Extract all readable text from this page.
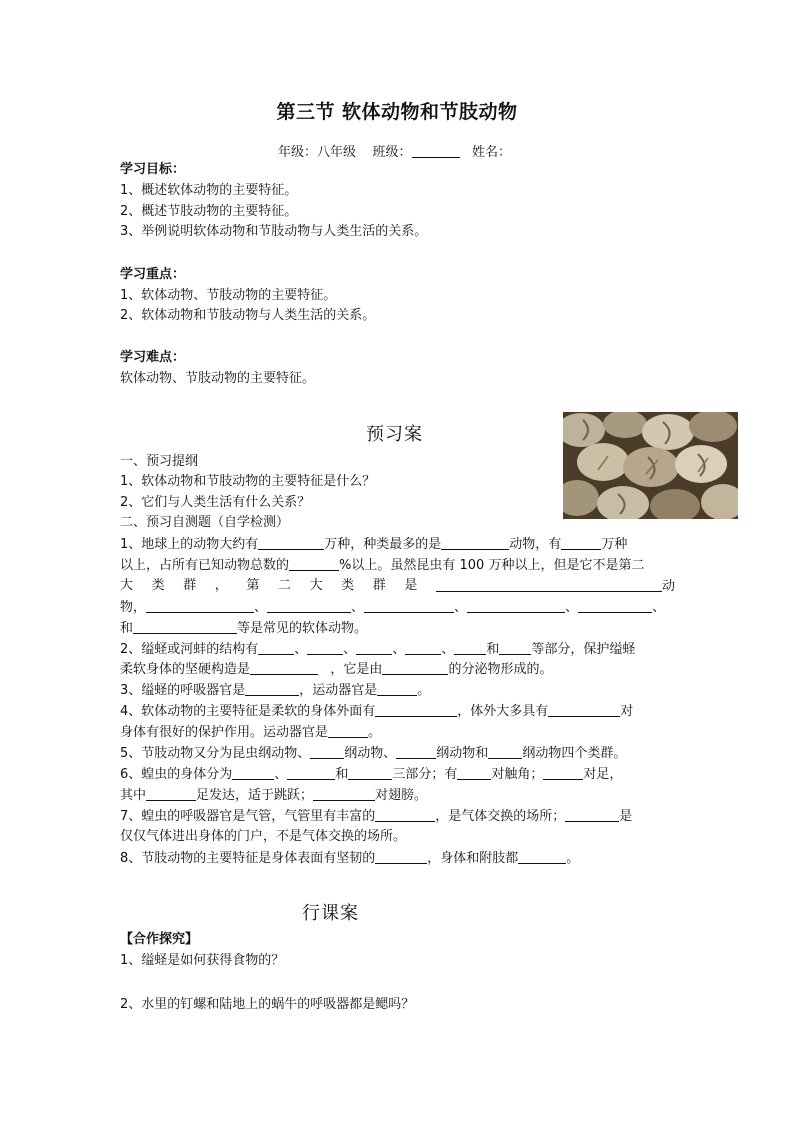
第三节 软体动物和节肢动物
年级：八年级 班级：	姓名：
学习目标：
1、概述软体动物的主要特征。
2、概述节肢动物的主要特征。
3、举例说明软体动物和节肢动物与人类生活的关系。
学习重点：
1、软体动物、节肢动物的主要特征。
2、软体动物和节肢动物与人类生活的关系。
学习难点：
软体动物、节肢动物的主要特征。
预习案
一、预习提纲
1、软体动物和节肢动物的主要特征是什么？
2、它们与人类生活有什么关系？
二、预习自测题（自学检测）
1、地球上的动物大约有	万种，种类最多的是	动物，有	万种
以上，占所有已知动物总数的	%以上。虽然昆虫有 100 万种以上，但是它不是第二
大 类 群 ， 第 二 大 类 群 是	动
物，	、	、	、	、	、
和	等是常见的软体动物。
2、缢蛏或河蚌的结构有	、	、	、	、 和 等部分，保护缢蛏
柔软身体的坚硬构造是	，它是由	的分泌物形成的。
3、缢蛏的呼吸器官是	，运动器官是	。
4、软体动物的主要特征是柔软的身体外面有	，体外大多具有	对
身体有很好的保护作用。运动器官是	。
5、节肢动物又分为昆虫纲动物、	纲动物、	纲动物和	纲动物四个类群。
6、蝗虫的身体分为	、	和	三部分；有	对触角；	对足，
其中	足发达，适于跳跃；	对翅膀。
7、蝗虫的呼吸器官是气管，气管里有丰富的	，是气体交换的场所；	是
仅仅气体进出身体的门户，不是气体交换的场所。
8、节肢动物的主要特征是身体表面有坚韧的	，身体和附肢都	。
行课案
【合作探究】
1、缢蛏是如何获得食物的？
2、水里的钉螺和陆地上的蜗牛的呼吸器都是鳃吗？
